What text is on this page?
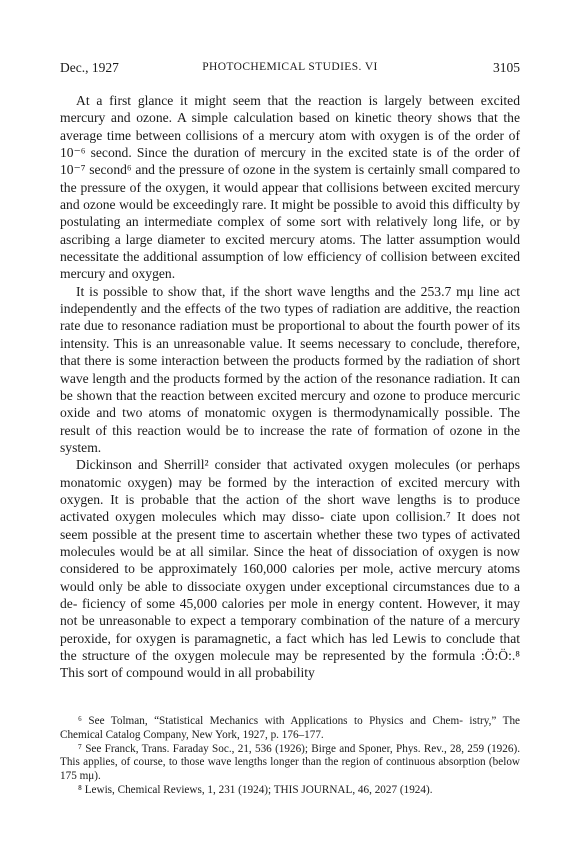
Dec., 1927	PHOTOCHEMICAL STUDIES. VI	3105

At a first glance it might seem that the reaction is largely between excited mercury and ozone. A simple calculation based on kinetic theory shows that the average time between collisions of a mercury atom with oxygen is of the order of 10⁻⁶ second. Since the duration of mercury in the excited state is of the order of 10⁻⁷ second⁶ and the pressure of ozone in the system is certainly small compared to the pressure of the oxygen, it would appear that collisions between excited mercury and ozone would be exceedingly rare. It might be possible to avoid this difficulty by postulating an intermediate complex of some sort with relatively long life, or by ascribing a large diameter to excited mercury atoms. The latter assumption would necessitate the additional assumption of low efficiency of collision between excited mercury and oxygen.

It is possible to show that, if the short wave lengths and the 253.7 mμ line act independently and the effects of the two types of radiation are additive, the reaction rate due to resonance radiation must be proportional to about the fourth power of its intensity. This is an unreasonable value. It seems necessary to conclude, therefore, that there is some interaction between the products formed by the radiation of short wave length and the products formed by the action of the resonance radiation. It can be shown that the reaction between excited mercury and ozone to produce mercuric oxide and two atoms of monatomic oxygen is thermodynamically possible. The result of this reaction would be to increase the rate of formation of ozone in the system.

Dickinson and Sherrill² consider that activated oxygen molecules (or perhaps monatomic oxygen) may be formed by the interaction of excited mercury with oxygen. It is probable that the action of the short wave lengths is to produce activated oxygen molecules which may disso- ciate upon collision.⁷ It does not seem possible at the present time to ascertain whether these two types of activated molecules would be at all similar. Since the heat of dissociation of oxygen is now considered to be approximately 160,000 calories per mole, active mercury atoms would only be able to dissociate oxygen under exceptional circumstances due to a de- ficiency of some 45,000 calories per mole in energy content. However, it may not be unreasonable to expect a temporary combination of the nature of a mercury peroxide, for oxygen is paramagnetic, a fact which has led Lewis to conclude that the structure of the oxygen molecule may be represented by the formula :Ö:Ö:.⁸ This sort of compound would in all probability

⁶ See Tolman, “Statistical Mechanics with Applications to Physics and Chem- istry,” The Chemical Catalog Company, New York, 1927, p. 176–177.

⁷ See Franck, Trans. Faraday Soc., 21, 536 (1926); Birge and Sponer, Phys. Rev., 28, 259 (1926). This applies, of course, to those wave lengths longer than the region of continuous absorption (below 175 mμ).

⁸ Lewis, Chemical Reviews, 1, 231 (1924); THIS JOURNAL, 46, 2027 (1924).
